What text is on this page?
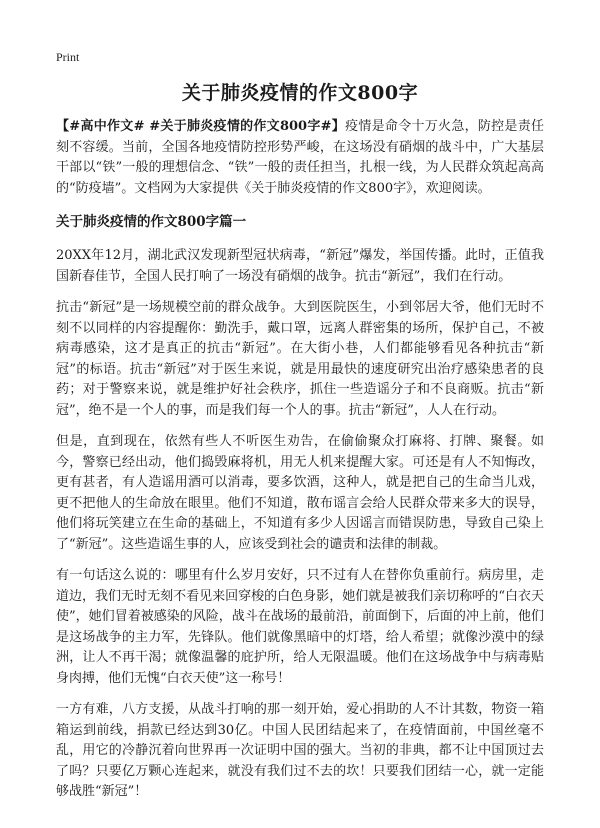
Print
关于肺炎疫情的作文800字

【#高中作文# #关于肺炎疫情的作文800字#】疫情是命令十万火急，防控是责任刻不容缓。当前，全国各地疫情防控形势严峻，在这场没有硝烟的战斗中，广大基层干部以“铁”一般的理想信念、“铁”一般的责任担当，扎根一线，为人民群众筑起高高的“防疫墙”。文档网为大家提供《关于肺炎疫情的作文800字》，欢迎阅读。

关于肺炎疫情的作文800字篇一

20XX年12月，湖北武汉发现新型冠状病毒，“新冠”爆发，举国传播。此时，正值我国新春佳节，全国人民打响了一场没有硝烟的战争。抗击“新冠”，我们在行动。

抗击“新冠”是一场规模空前的群众战争。大到医院医生，小到邻居大爷，他们无时不刻不以同样的内容提醒你：勤洗手，戴口罩，远离人群密集的场所，保护自己，不被病毒感染，这才是真正的抗击“新冠”。在大街小巷，人们都能够看见各种抗击“新冠”的标语。抗击“新冠”对于医生来说，就是用最快的速度研究出治疗感染患者的良药；对于警察来说，就是维护好社会秩序，抓住一些造谣分子和不良商贩。抗击“新冠”，绝不是一个人的事，而是我们每一个人的事。抗击“新冠”，人人在行动。

但是，直到现在，依然有些人不听医生劝告，在偷偷聚众打麻将、打牌、聚餐。如今，警察已经出动，他们捣毁麻将机，用无人机来提醒大家。可还是有人不知悔改，更有甚者，有人造谣用酒可以消毒，要多饮酒，这种人，就是把自己的生命当儿戏，更不把他人的生命放在眼里。他们不知道，散布谣言会给人民群众带来多大的误导，他们将玩笑建立在生命的基础上，不知道有多少人因谣言而错误防患，导致自己染上了“新冠”。这些造谣生事的人，应该受到社会的谴责和法律的制裁。

有一句话这么说的：哪里有什么岁月安好，只不过有人在替你负重前行。病房里，走道边，我们无时无刻不看见来回穿梭的白色身影，她们就是被我们亲切称呼的“白衣天使”，她们冒着被感染的风险，战斗在战场的最前沿，前面倒下，后面的冲上前，他们是这场战争的主力军，先锋队。他们就像黑暗中的灯塔，给人希望；就像沙漠中的绿洲，让人不再干渴；就像温馨的庇护所，给人无限温暖。他们在这场战争中与病毒贴身肉搏，他们无愧“白衣天使”这一称号！

一方有难，八方支援，从战斗打响的那一刻开始，爱心捐助的人不计其数，物资一箱箱运到前线，捐款已经达到30亿。中国人民团结起来了，在疫情面前，中国丝毫不乱，用它的冷静沉着向世界再一次证明中国的强大。当初的非典，都不让中国顶过去了吗？只要亿万颗心连起来，就没有我们过不去的坎！只要我们团结一心，就一定能够战胜“新冠”！
